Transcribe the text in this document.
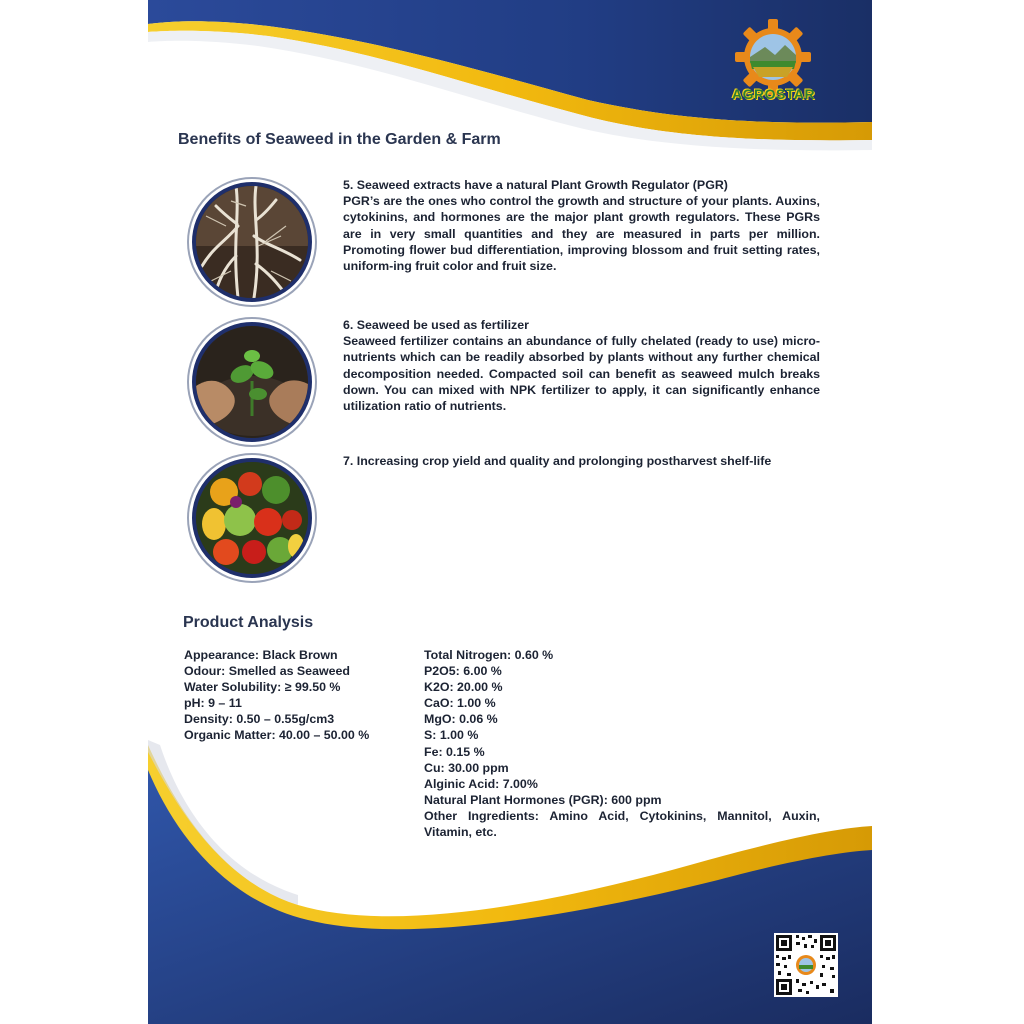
AGROSTAR
Benefits of Seaweed in the Garden & Farm
5. Seaweed extracts have a natural Plant Growth Regulator (PGR)
PGR’s are the ones who control the growth and structure of your plants. Auxins, cytokinins, and hormones are the major plant growth regulators. These PGRs are in very small quantities and they are measured in parts per million. Promoting flower bud differentiation, improving blossom and fruit setting rates, uniform-ing fruit color and fruit size.
6. Seaweed be used as fertilizer
Seaweed fertilizer contains an abundance of fully chelated (ready to use) micro-nutrients which can be readily absorbed by plants without any further chemical decomposition needed. Compacted soil can benefit as seaweed mulch breaks down. You can mixed with NPK fertilizer to apply, it can significantly enhance utilization ratio of nutrients.
7. Increasing crop yield and quality and prolonging postharvest shelf-life
Product Analysis
Appearance: Black Brown
Odour: Smelled as Seaweed
Water Solubility: ≥ 99.50 %
pH: 9 – 11
Density: 0.50 – 0.55g/cm3
Organic Matter: 40.00 – 50.00 %
Total Nitrogen: 0.60 %
P2O5: 6.00 %
K2O: 20.00 %
CaO: 1.00 %
MgO: 0.06 %
S: 1.00 %
Fe: 0.15 %
Cu: 30.00 ppm
Alginic Acid: 7.00%
Natural Plant Hormones (PGR): 600 ppm
Other Ingredients: Amino Acid, Cytokinins, Mannitol, Auxin, Vitamin, etc.
